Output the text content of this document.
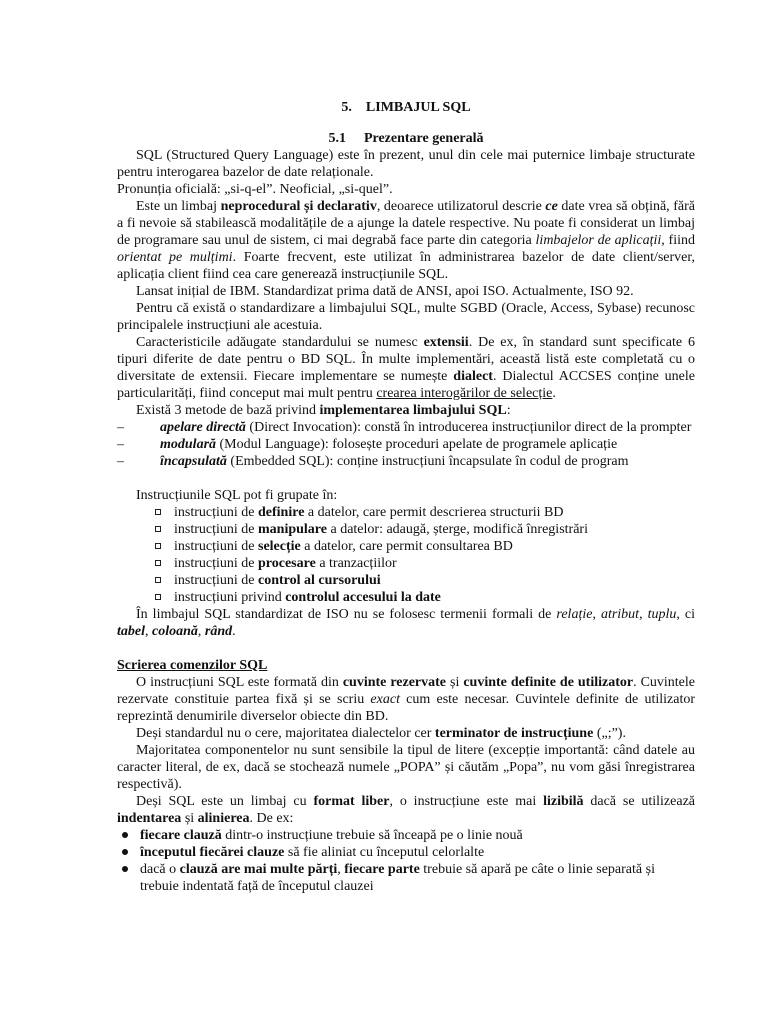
5. LIMBAJUL SQL
5.1 Prezentare generală

SQL (Structured Query Language) este în prezent, unul din cele mai puternice limbaje structurate pentru interogarea bazelor de date relaționale.

Pronunția oficială: „si-q-el”. Neoficial, „si-quel”.

Este un limbaj neprocedural și declarativ, deoarece utilizatorul descrie ce date vrea să obțină, fără a fi nevoie să stabilească modalitățile de a ajunge la datele respective. Nu poate fi considerat un limbaj de programare sau unul de sistem, ci mai degrabă face parte din categoria limbajelor de aplicații, fiind orientat pe mulțimi. Foarte frecvent, este utilizat în administrarea bazelor de date client/server, aplicația client fiind cea care generează instrucțiunile SQL.

Lansat inițial de IBM. Standardizat prima dată de ANSI, apoi ISO. Actualmente, ISO 92.

Pentru că există o standardizare a limbajului SQL, multe SGBD (Oracle, Access, Sybase) recunosc principalele instrucțiuni ale acestuia.

Caracteristicile adăugate standardului se numesc extensii. De ex, în standard sunt specificate 6 tipuri diferite de date pentru o BD SQL. În multe implementări, această listă este completată cu o diversitate de extensii. Fiecare implementare se numește dialect. Dialectul ACCSES conține unele particularități, fiind conceput mai mult pentru crearea interogărilor de selecție.

Există 3 metode de bază privind implementarea limbajului SQL:

–	apelare directă (Direct Invocation): constă în introducerea instrucțiunilor direct de la prompter
–	modulară (Modul Language): folosește proceduri apelate de programele aplicație
–	încapsulată (Embedded SQL): conține instrucțiuni încapsulate în codul de program

Instrucțiunile SQL pot fi grupate în:

instrucțiuni de definire a datelor, care permit descrierea structurii BD
instrucțiuni de manipulare a datelor: adaugă, șterge, modifică înregistrări
instrucțiuni de selecție a datelor, care permit consultarea BD
instrucțiuni de procesare a tranzacțiilor
instrucțiuni de control al cursorului
instrucțiuni privind controlul accesului la date

În limbajul SQL standardizat de ISO nu se folosesc termenii formali de relație, atribut, tuplu, ci tabel, coloană, rând.

Scrierea comenzilor SQL

O instrucțiuni SQL este formată din cuvinte rezervate și cuvinte definite de utilizator. Cuvintele rezervate constituie partea fixă și se scriu exact cum este necesar. Cuvintele definite de utilizator reprezintă denumirile diverselor obiecte din BD.

Deși standardul nu o cere, majoritatea dialectelor cer terminator de instrucțiune („;”).

Majoritatea componentelor nu sunt sensibile la tipul de litere (excepție importantă: când datele au caracter literal, de ex, dacă se stochează numele „POPA” și căutăm „Popa”, nu vom găsi înregistrarea respectivă).

Deși SQL este un limbaj cu format liber, o instrucțiune este mai lizibilă dacă se utilizează indentarea și alinierea. De ex:

fiecare clauză dintr-o instrucțiune trebuie să înceapă pe o linie nouă
începutul fiecărei clauze să fie aliniat cu începutul celorlalte
dacă o clauză are mai multe părți, fiecare parte trebuie să apară pe câte o linie separată și trebuie indentată față de începutul clauzei
